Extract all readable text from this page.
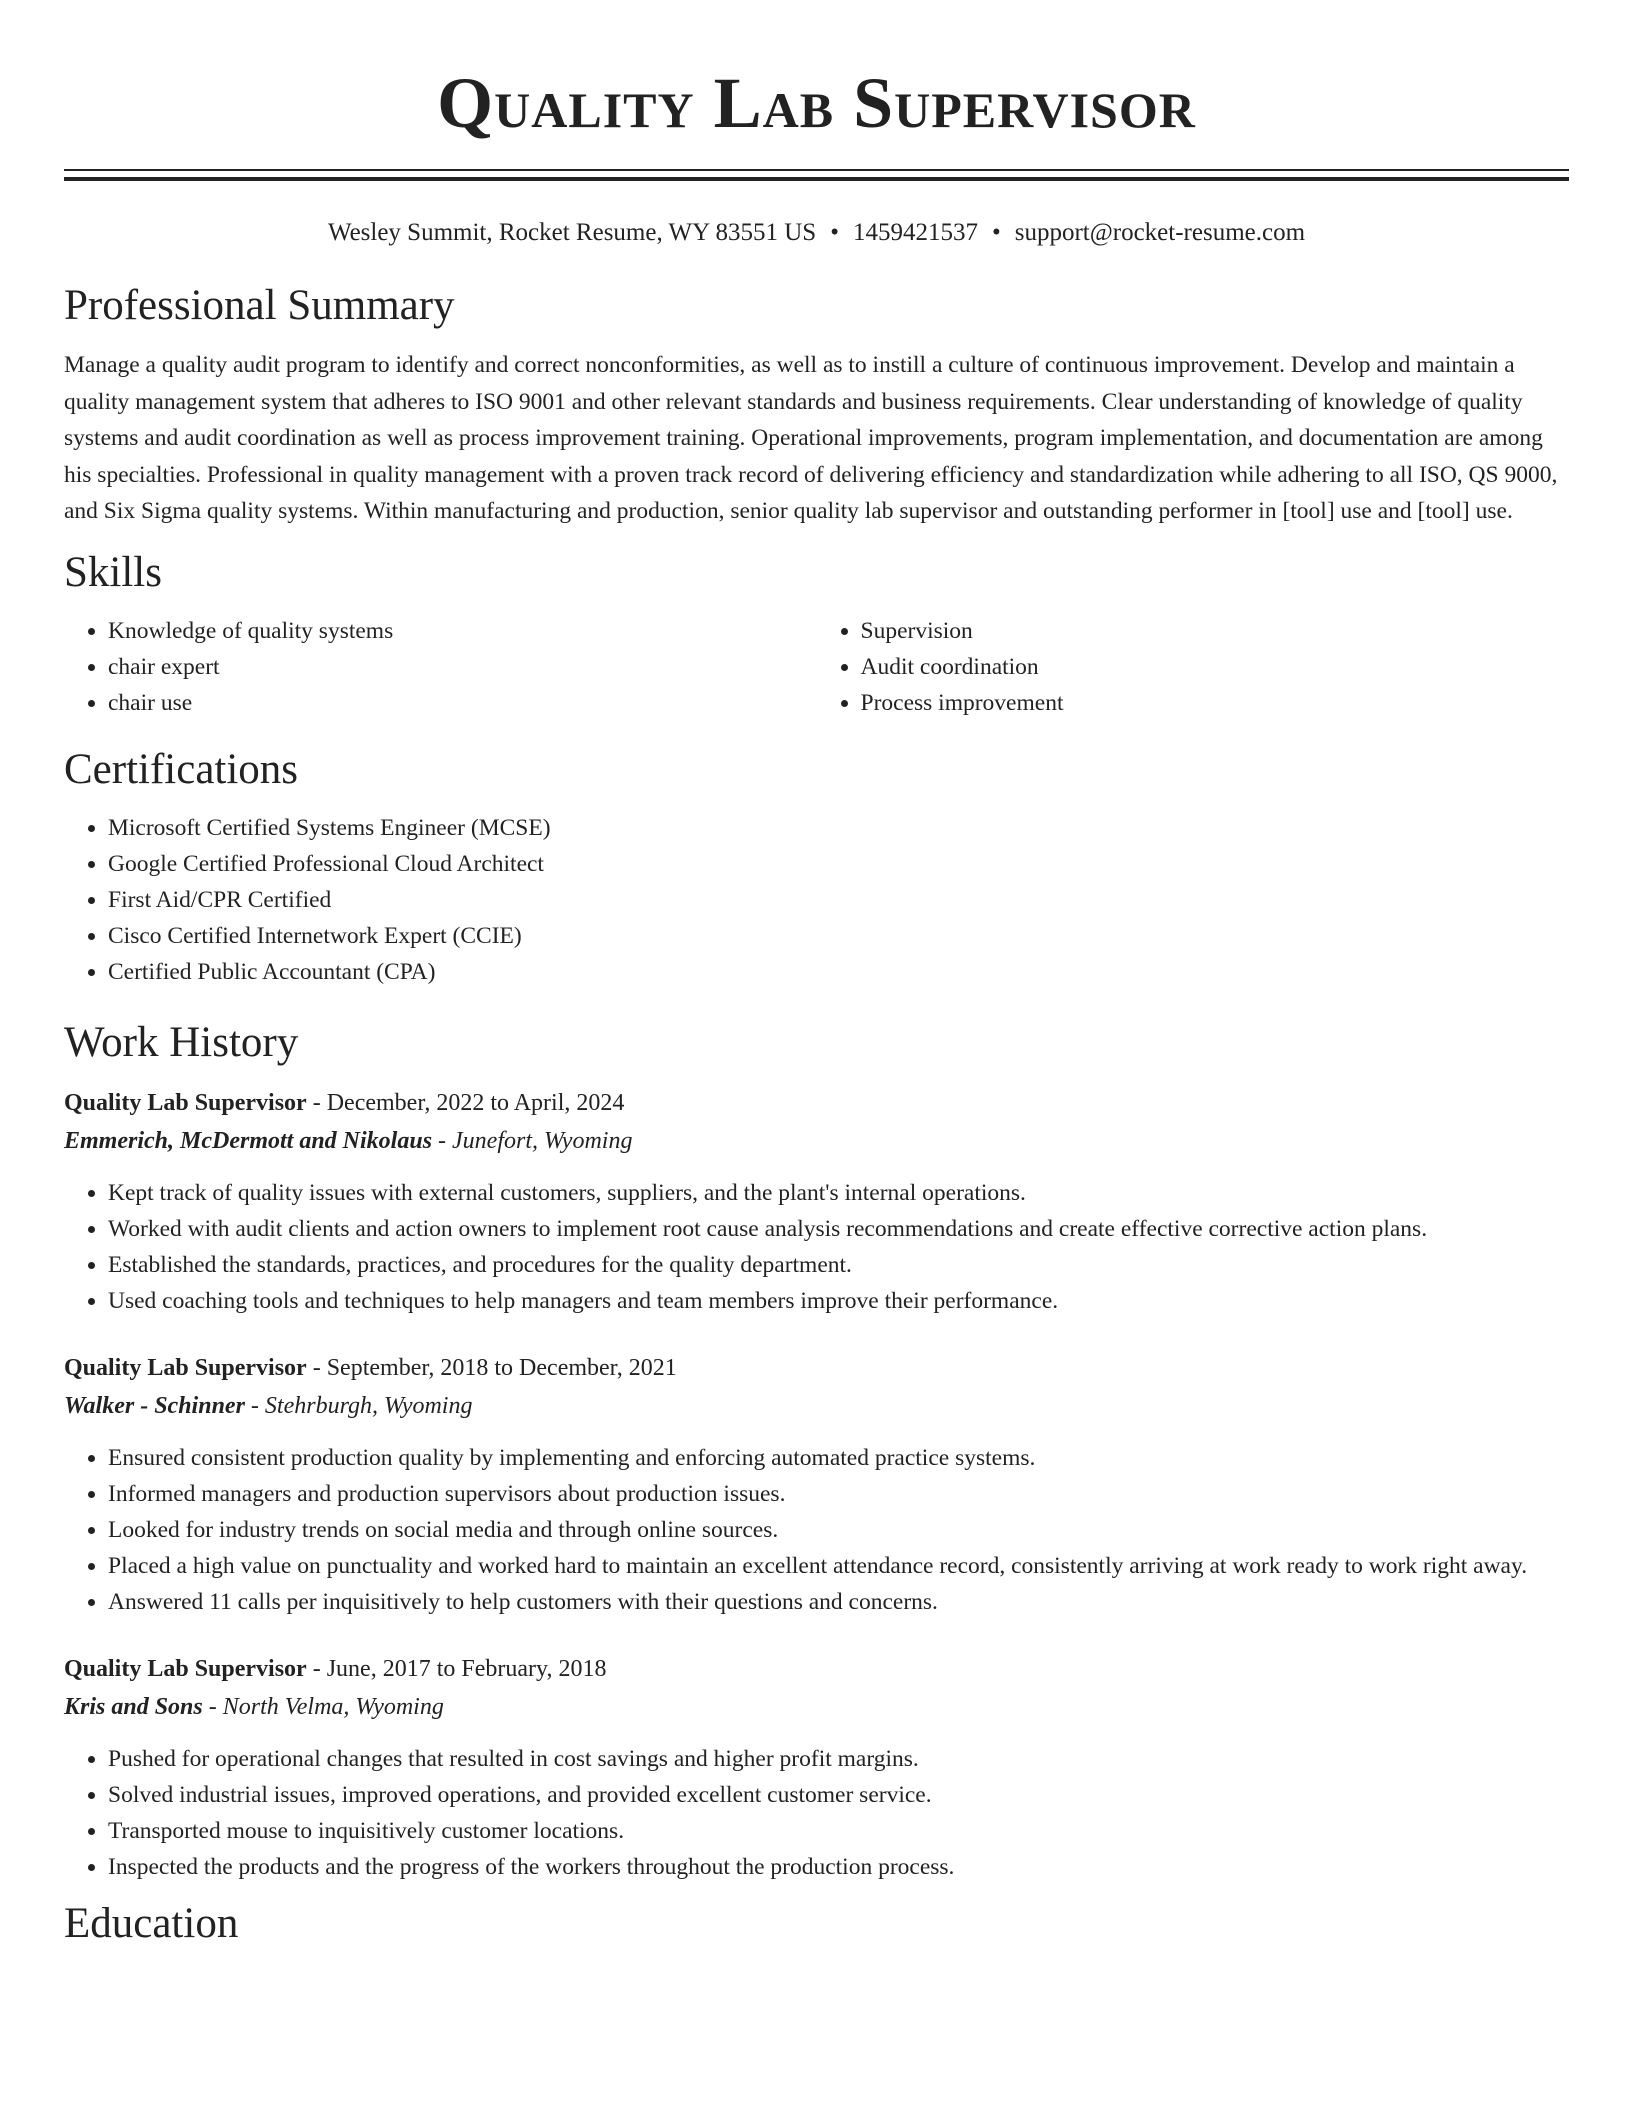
Quality Lab Supervisor
Wesley Summit, Rocket Resume, WY 83551 US • 1459421537 • support@rocket-resume.com
Professional Summary
Manage a quality audit program to identify and correct nonconformities, as well as to instill a culture of continuous improvement. Develop and maintain a quality management system that adheres to ISO 9001 and other relevant standards and business requirements. Clear understanding of knowledge of quality systems and audit coordination as well as process improvement training. Operational improvements, program implementation, and documentation are among his specialties. Professional in quality management with a proven track record of delivering efficiency and standardization while adhering to all ISO, QS 9000, and Six Sigma quality systems. Within manufacturing and production, senior quality lab supervisor and outstanding performer in [tool] use and [tool] use.
Skills
• Knowledge of quality systems
• chair expert
• chair use
• Supervision
• Audit coordination
• Process improvement
Certifications
• Microsoft Certified Systems Engineer (MCSE)
• Google Certified Professional Cloud Architect
• First Aid/CPR Certified
• Cisco Certified Internetwork Expert (CCIE)
• Certified Public Accountant (CPA)
Work History
Quality Lab Supervisor - December, 2022 to April, 2024
Emmerich, McDermott and Nikolaus - Junefort, Wyoming
• Kept track of quality issues with external customers, suppliers, and the plant's internal operations.
• Worked with audit clients and action owners to implement root cause analysis recommendations and create effective corrective action plans.
• Established the standards, practices, and procedures for the quality department.
• Used coaching tools and techniques to help managers and team members improve their performance.
Quality Lab Supervisor - September, 2018 to December, 2021
Walker - Schinner - Stehrburgh, Wyoming
• Ensured consistent production quality by implementing and enforcing automated practice systems.
• Informed managers and production supervisors about production issues.
• Looked for industry trends on social media and through online sources.
• Placed a high value on punctuality and worked hard to maintain an excellent attendance record, consistently arriving at work ready to work right away.
• Answered 11 calls per inquisitively to help customers with their questions and concerns.
Quality Lab Supervisor - June, 2017 to February, 2018
Kris and Sons - North Velma, Wyoming
• Pushed for operational changes that resulted in cost savings and higher profit margins.
• Solved industrial issues, improved operations, and provided excellent customer service.
• Transported mouse to inquisitively customer locations.
• Inspected the products and the progress of the workers throughout the production process.
Education
